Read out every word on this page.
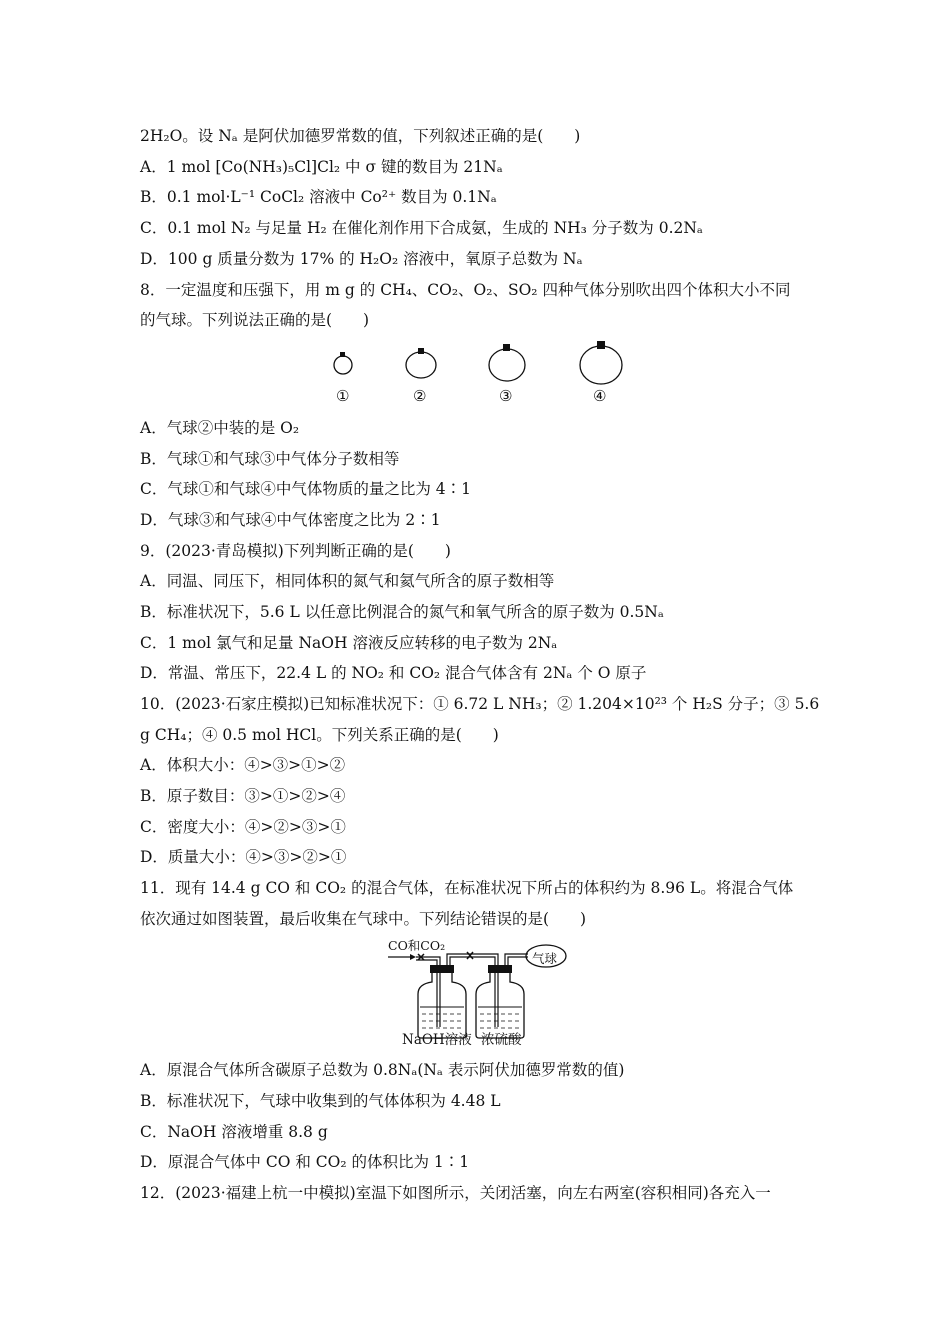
2H₂O。设 Nₐ 是阿伏加德罗常数的值，下列叙述正确的是(　　)
A．1 mol [Co(NH₃)₅Cl]Cl₂ 中 σ 键的数目为 21Nₐ
B．0.1 mol·L⁻¹ CoCl₂ 溶液中 Co²⁺ 数目为 0.1Nₐ
C．0.1 mol N₂ 与足量 H₂ 在催化剂作用下合成氨，生成的 NH₃ 分子数为 0.2Nₐ
D．100 g 质量分数为 17% 的 H₂O₂ 溶液中，氧原子总数为 Nₐ
8．一定温度和压强下，用 m g 的 CH₄、CO₂、O₂、SO₂ 四种气体分别吹出四个体积大小不同
的气球。下列说法正确的是(　　)
①	②	③	④
A．气球②中装的是 O₂
B．气球①和气球③中气体分子数相等
C．气球①和气球④中气体物质的量之比为 4∶1
D．气球③和气球④中气体密度之比为 2∶1
9．(2023·青岛模拟)下列判断正确的是(　　)
A．同温、同压下，相同体积的氮气和氦气所含的原子数相等
B．标准状况下，5.6 L 以任意比例混合的氮气和氧气所含的原子数为 0.5Nₐ
C．1 mol 氯气和足量 NaOH 溶液反应转移的电子数为 2Nₐ
D．常温、常压下，22.4 L 的 NO₂ 和 CO₂ 混合气体含有 2Nₐ 个 O 原子
10．(2023·石家庄模拟)已知标准状况下：① 6.72 L NH₃；② 1.204×10²³ 个 H₂S 分子；③ 5.6
g CH₄；④ 0.5 mol HCl。下列关系正确的是(　　)
A．体积大小：④>③>①>②
B．原子数目：③>①>②>④
C．密度大小：④>②>③>①
D．质量大小：④>③>②>①
11．现有 14.4 g CO 和 CO₂ 的混合气体，在标准状况下所占的体积约为 8.96 L。将混合气体
依次通过如图装置，最后收集在气球中。下列结论错误的是(　　)
CO和CO₂
气球
NaOH溶液 浓硫酸
A．原混合气体所含碳原子总数为 0.8Nₐ(Nₐ 表示阿伏加德罗常数的值)
B．标准状况下，气球中收集到的气体体积为 4.48 L
C．NaOH 溶液增重 8.8 g
D．原混合气体中 CO 和 CO₂ 的体积比为 1∶1
12．(2023·福建上杭一中模拟)室温下如图所示，关闭活塞，向左右两室(容积相同)各充入一
